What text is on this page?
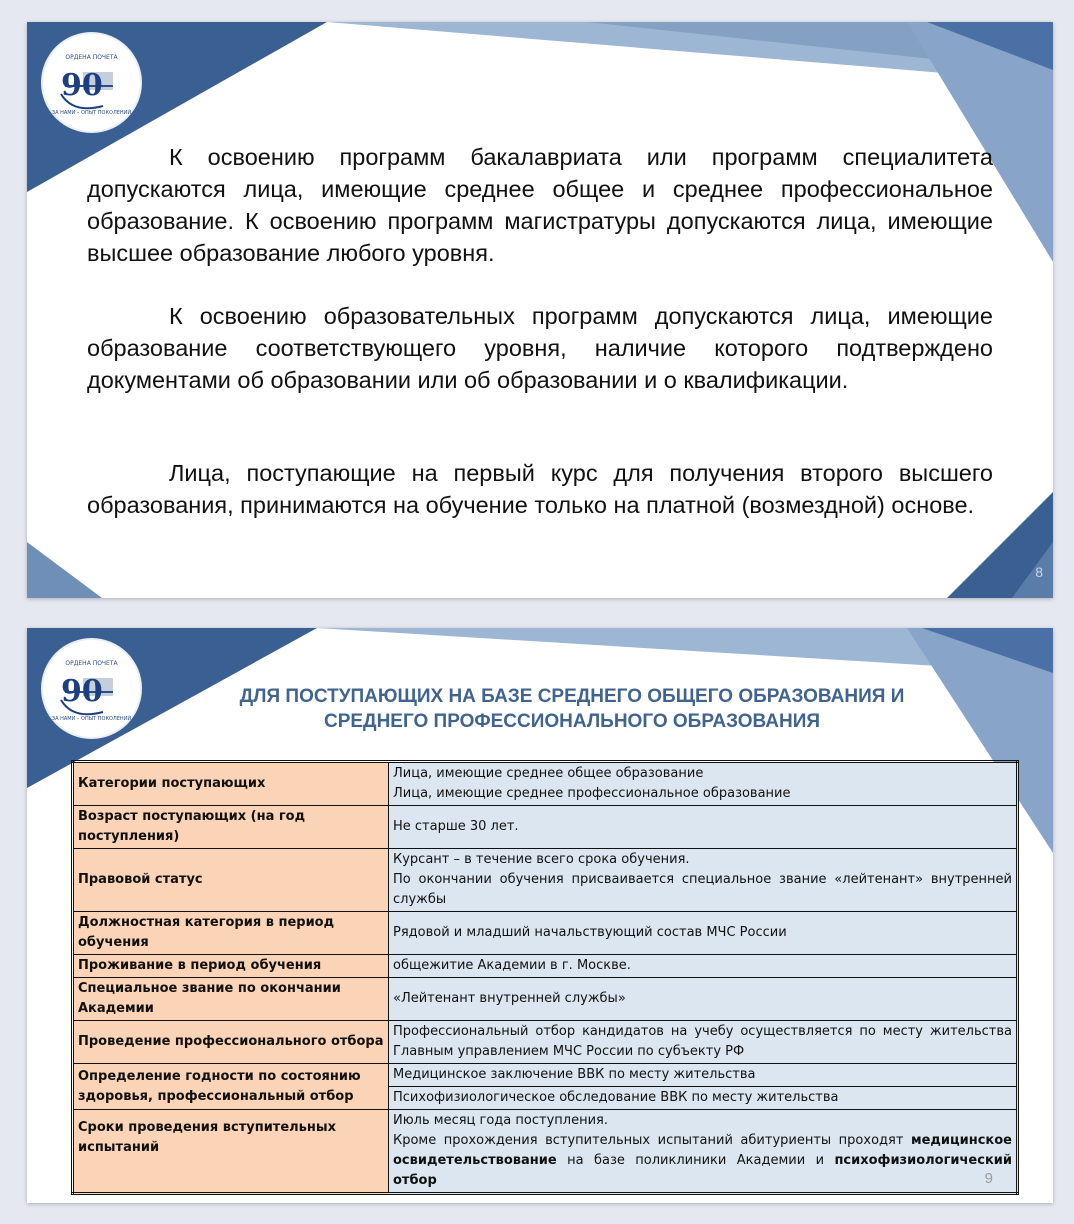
ОРДЕНА ПОЧЕТА
90
ЗА НАМИ – ОПЫТ ПОКОЛЕНИЙ
К освоению программ бакалавриата или программ специалитета допускаются лица, имеющие среднее общее и среднее профессиональное образование. К освоению программ магистратуры допускаются лица, имеющие высшее образование любого уровня.
К освоению образовательных программ допускаются лица, имеющие образование соответствующего уровня, наличие которого подтверждено документами об образовании или об образовании и о квалификации.
Лица, поступающие на первый курс для получения второго высшего образования, принимаются на обучение только на платной (возмездной) основе.
8
ОРДЕНА ПОЧЕТА
90
ЗА НАМИ – ОПЫТ ПОКОЛЕНИЙ
ДЛЯ ПОСТУПАЮЩИХ НА БАЗЕ СРЕДНЕГО ОБЩЕГО ОБРАЗОВАНИЯ И СРЕДНЕГО ПРОФЕССИОНАЛЬНОГО ОБРАЗОВАНИЯ
Категории поступающих	Лица, имеющие среднее общее образование
Лица, имеющие среднее профессиональное образование

Возраст поступающих (на год поступления)	Не старше 30 лет.

Правовой статус	Курсант – в течение всего срока обучения.
По окончании обучения присваивается специальное звание «лейтенант» внутренней службы

Должностная категория в период обучения	Рядовой и младший начальствующий состав МЧС России

Проживание в период обучения	общежитие Академии в г. Москве.

Специальное звание по окончании Академии	«Лейтенант внутренней службы»

Проведение профессионального отбора	Профессиональный отбор кандидатов на учебу осуществляется по месту жительства Главным управлением МЧС России по субъекту РФ

Определение годности по состоянию здоровья, профессиональный отбор	Медицинское заключение ВВК по месту жительства

	Психофизиологическое обследование ВВК по месту жительства

Сроки проведения вступительных испытаний	Июль месяц года поступления.
Кроме прохождения вступительных испытаний абитуриенты проходят медицинское освидетельствование на базе поликлиники Академии и психофизиологический отбор	9
